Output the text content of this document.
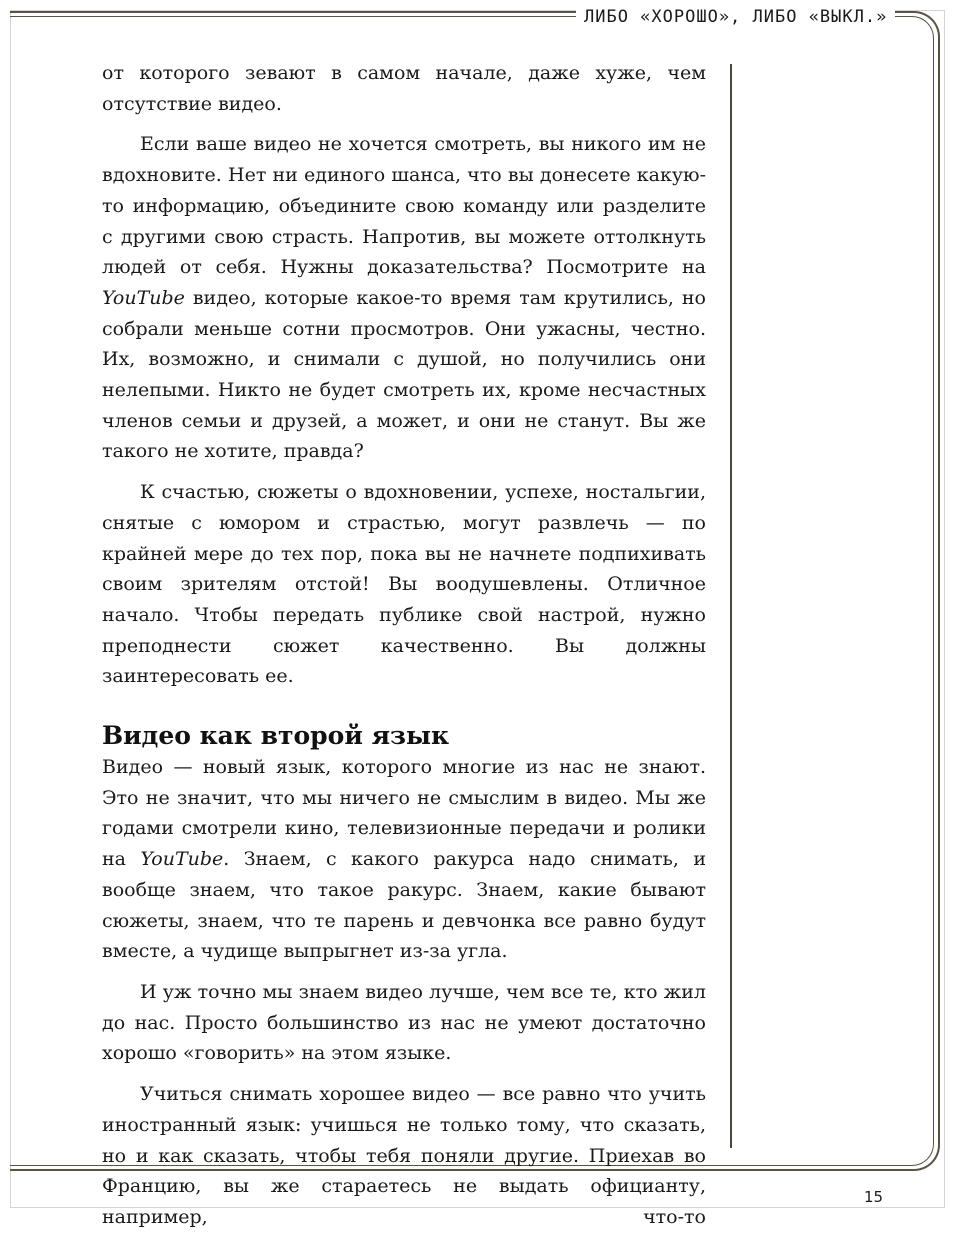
ЛИБО «ХОРОШО», ЛИБО «ВЫКЛ.»

от которого зевают в самом начале, даже хуже, чем отсутствие видео.

Если ваше видео не хочется смотреть, вы никого им не вдохновите. Нет ни единого шанса, что вы донесете какую-то информацию, объедините свою команду или разделите с другими свою страсть. Напротив, вы можете оттолкнуть людей от себя. Нужны доказательства? Посмотрите на YouTube видео, которые какое-то время там крутились, но собрали меньше сотни просмотров. Они ужасны, честно. Их, возможно, и снимали с душой, но получились они нелепыми. Никто не будет смотреть их, кроме несчастных членов семьи и друзей, а может, и они не станут. Вы же такого не хотите, правда?

К счастью, сюжеты о вдохновении, успехе, ностальгии, снятые с юмором и страстью, могут развлечь — по крайней мере до тех пор, пока вы не начнете подпихивать своим зрителям отстой! Вы воодушевлены. Отличное начало. Чтобы передать публике свой настрой, нужно преподнести сюжет качественно. Вы должны заинтересовать ее.

Видео как второй язык

Видео — новый язык, которого многие из нас не знают. Это не значит, что мы ничего не смыслим в видео. Мы же годами смотрели кино, телевизионные передачи и ролики на YouTube. Знаем, с какого ракурса надо снимать, и вообще знаем, что такое ракурс. Знаем, какие бывают сюжеты, знаем, что те парень и девчонка все равно будут вместе, а чудище выпрыгнет из-за угла.

И уж точно мы знаем видео лучше, чем все те, кто жил до нас. Просто большинство из нас не умеют достаточно хорошо «говорить» на этом языке.

Учиться снимать хорошее видео — все равно что учить иностранный язык: учишься не только тому, что сказать, но и как сказать, чтобы тебя поняли другие. Приехав во Францию, вы же стараетесь не выдать официанту, например, что-то

15
